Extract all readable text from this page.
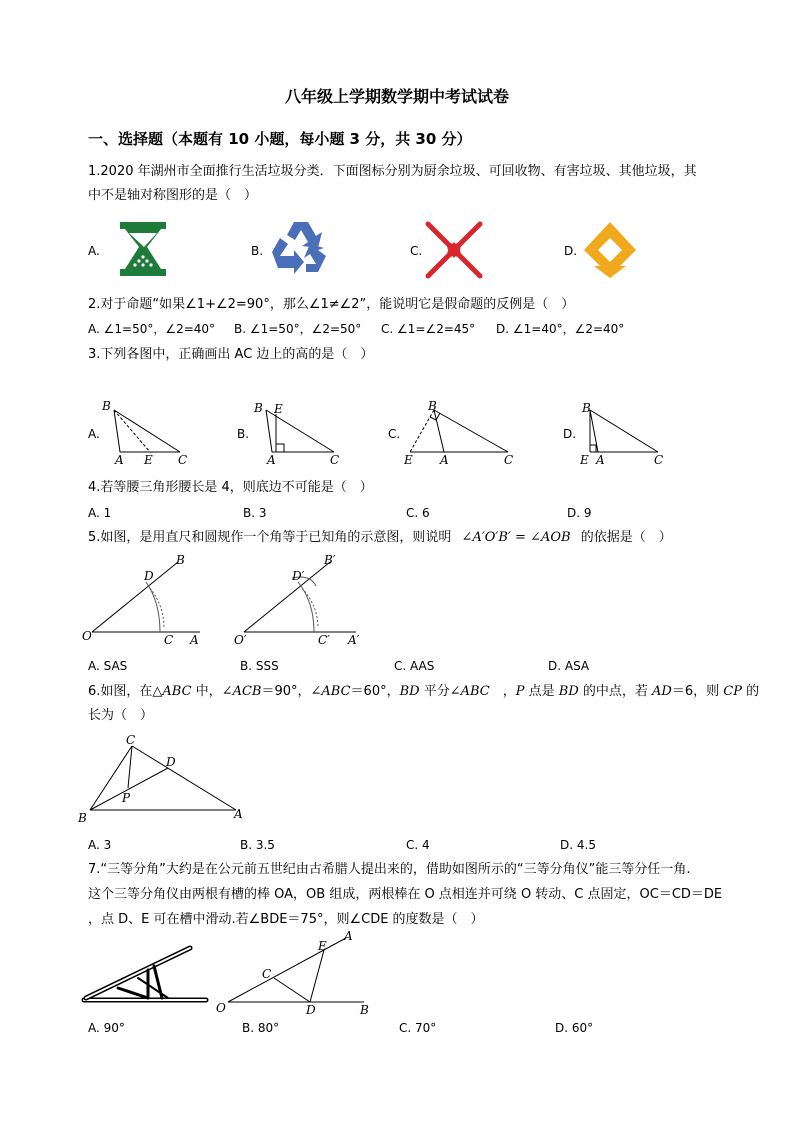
八年级上学期数学期中考试试卷
一、选择题（本题有 10 小题，每小题 3 分，共 30 分）
1.2020 年湖州市全面推行生活垃圾分类．下面图标分别为厨余垃圾、可回收物、有害垃圾、其他垃圾，其
中不是轴对称图形的是（　）
A.	B.	C.	D.
2.对于命题“如果∠1+∠2=90°，那么∠1≠∠2”，能说明它是假命题的反例是（　）
A. ∠1=50°，∠2=40° B. ∠1=50°，∠2=50° C. ∠1=∠2=45° D. ∠1=40°，∠2=40°
3.下列各图中，正确画出 AC 边上的高的是（　）
A.	B.	C.	D.
B
A E C
B E
A	C
B
E A	C
B
E A	C
4.若等腰三角形腰长是 4，则底边不可能是（　）
A. 1	B. 3	C. 6	D. 9
5.如图，是用直尺和圆规作一个角等于已知角的示意图，则说明 ∠A′O′B′ = ∠AOB 的依据是（　）
O
D
B
C A	O′
D′
B′
C′ A′
A. SAS	B. SSS	C. AAS	D. ASA
6.如图，在△ABC 中，∠ACB＝90°，∠ABC＝60°，BD 平分∠ABC　，P 点是 BD 的中点，若 AD＝6，则 CP 的
长为（　）
C
D
P
B	A
A. 3	B. 3.5	C. 4	D. 4.5
7.“三等分角”大约是在公元前五世纪由古希腊人提出来的，借助如图所示的“三等分角仪”能三等分任一角.
这个三等分角仪由两根有槽的棒 OA，OB 组成，两根棒在 O 点相连并可绕 O 转动、C 点固定，OC＝CD＝DE
，点 D、E 可在槽中滑动.若∠BDE＝75°，则∠CDE 的度数是（　）
O
C
E
A
D	B
A. 90°	B. 80°	C. 70°	D. 60°
